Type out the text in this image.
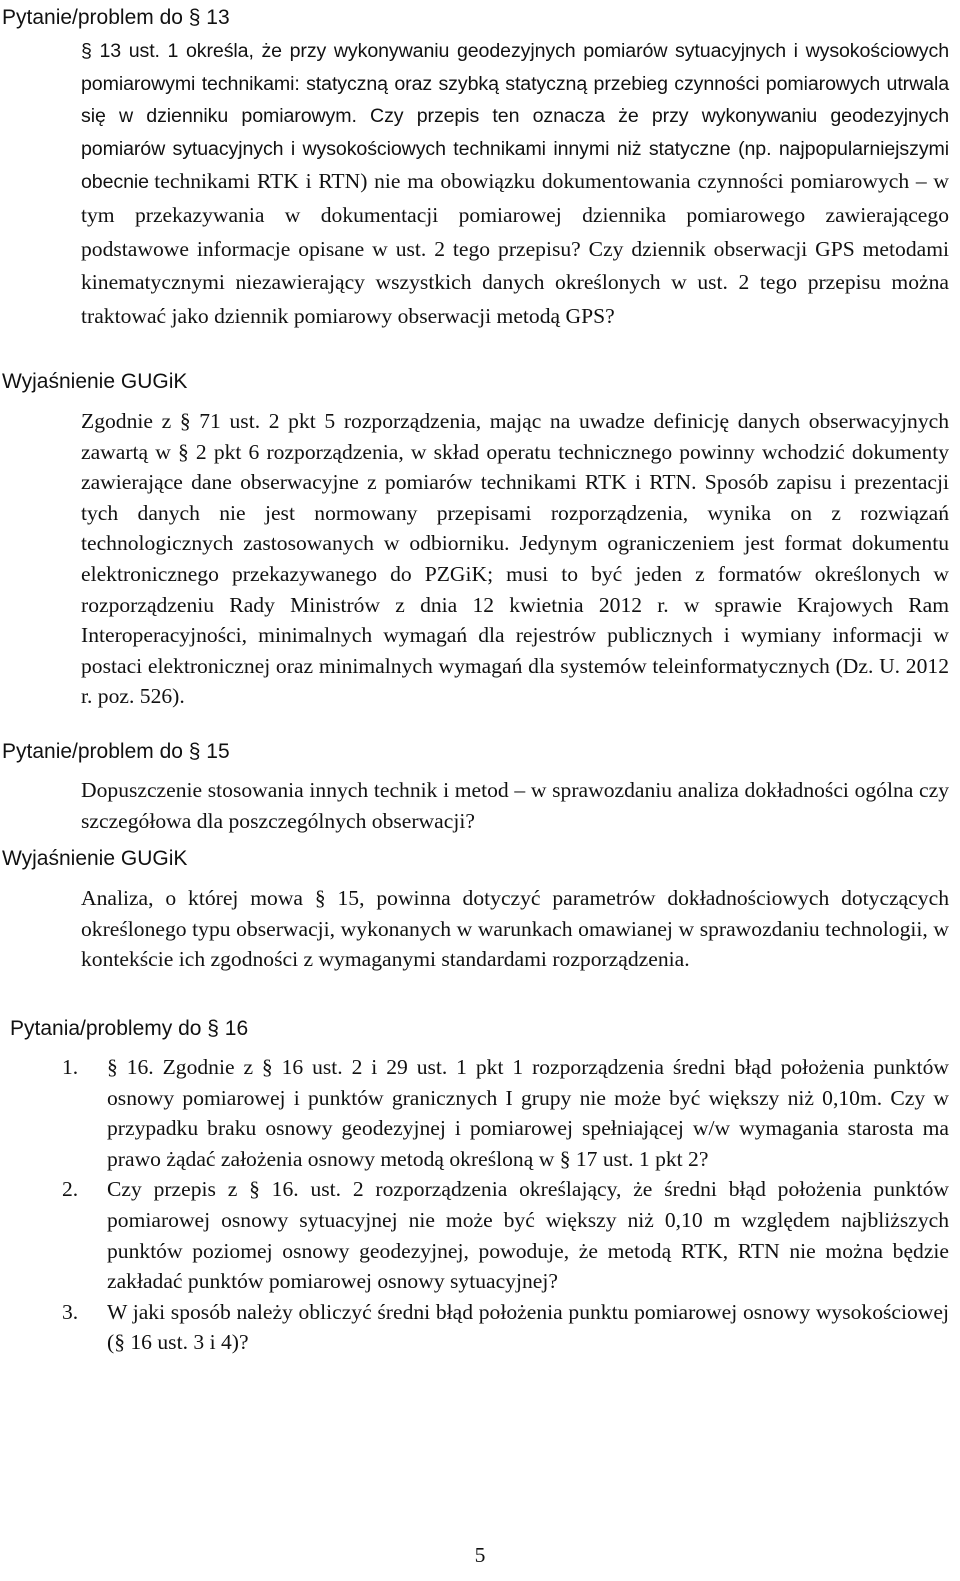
Pytanie/problem do § 13

§ 13 ust. 1 określa, że przy wykonywaniu geodezyjnych pomiarów sytuacyjnych i wysokościowych pomiarowymi technikami: statyczną oraz szybką statyczną przebieg czynności pomiarowych utrwala się w dzienniku pomiarowym. Czy przepis ten oznacza że przy wykonywaniu geodezyjnych pomiarów sytuacyjnych i wysokościowych technikami innymi niż statyczne (np. najpopularniejszymi obecnie technikami RTK i RTN) nie ma obowiązku dokumentowania czynności pomiarowych – w tym przekazywania w dokumentacji pomiarowej dziennika pomiarowego zawierającego podstawowe informacje opisane w ust. 2 tego przepisu? Czy dziennik obserwacji GPS metodami kinematycznymi niezawierający wszystkich danych określonych w ust. 2 tego przepisu można traktować jako dziennik pomiarowy obserwacji metodą GPS?

Wyjaśnienie GUGiK

Zgodnie z § 71 ust. 2 pkt 5 rozporządzenia, mając na uwadze definicję danych obserwacyjnych zawartą w § 2 pkt 6 rozporządzenia, w skład operatu technicznego powinny wchodzić dokumenty zawierające dane obserwacyjne z pomiarów technikami RTK i RTN. Sposób zapisu i prezentacji tych danych nie jest normowany przepisami rozporządzenia, wynika on z rozwiązań technologicznych zastosowanych w odbiorniku. Jedynym ograniczeniem jest format dokumentu elektronicznego przekazywanego do PZGiK; musi to być jeden z formatów określonych w rozporządzeniu Rady Ministrów z dnia 12 kwietnia 2012 r. w sprawie Krajowych Ram Interoperacyjności, minimalnych wymagań dla rejestrów publicznych i wymiany informacji w postaci elektronicznej oraz minimalnych wymagań dla systemów teleinformatycznych (Dz. U. 2012 r. poz. 526).

Pytanie/problem do § 15

Dopuszczenie stosowania innych technik i metod – w sprawozdaniu analiza dokładności ogólna czy szczegółowa dla poszczególnych obserwacji?

Wyjaśnienie GUGiK

Analiza, o której mowa § 15, powinna dotyczyć parametrów dokładnościowych dotyczących określonego typu obserwacji, wykonanych w warunkach omawianej w sprawozdaniu technologii, w kontekście ich zgodności z wymaganymi standardami rozporządzenia.

Pytania/problemy do § 16
1. § 16. Zgodnie z § 16 ust. 2 i 29 ust. 1 pkt 1 rozporządzenia średni błąd położenia punktów osnowy pomiarowej i punktów granicznych I grupy nie może być większy niż 0,10m. Czy w przypadku braku osnowy geodezyjnej i pomiarowej spełniającej w/w wymagania starosta ma prawo żądać założenia osnowy metodą określoną w § 17 ust. 1 pkt 2?
2. Czy przepis z § 16. ust. 2 rozporządzenia określający, że średni błąd położenia punktów pomiarowej osnowy sytuacyjnej nie może być większy niż 0,10 m względem najbliższych punktów poziomej osnowy geodezyjnej, powoduje, że metodą RTK, RTN nie można będzie zakładać punktów pomiarowej osnowy sytuacyjnej?
3. W jaki sposób należy obliczyć średni błąd położenia punktu pomiarowej osnowy wysokościowej (§ 16 ust. 3 i 4)?
5
